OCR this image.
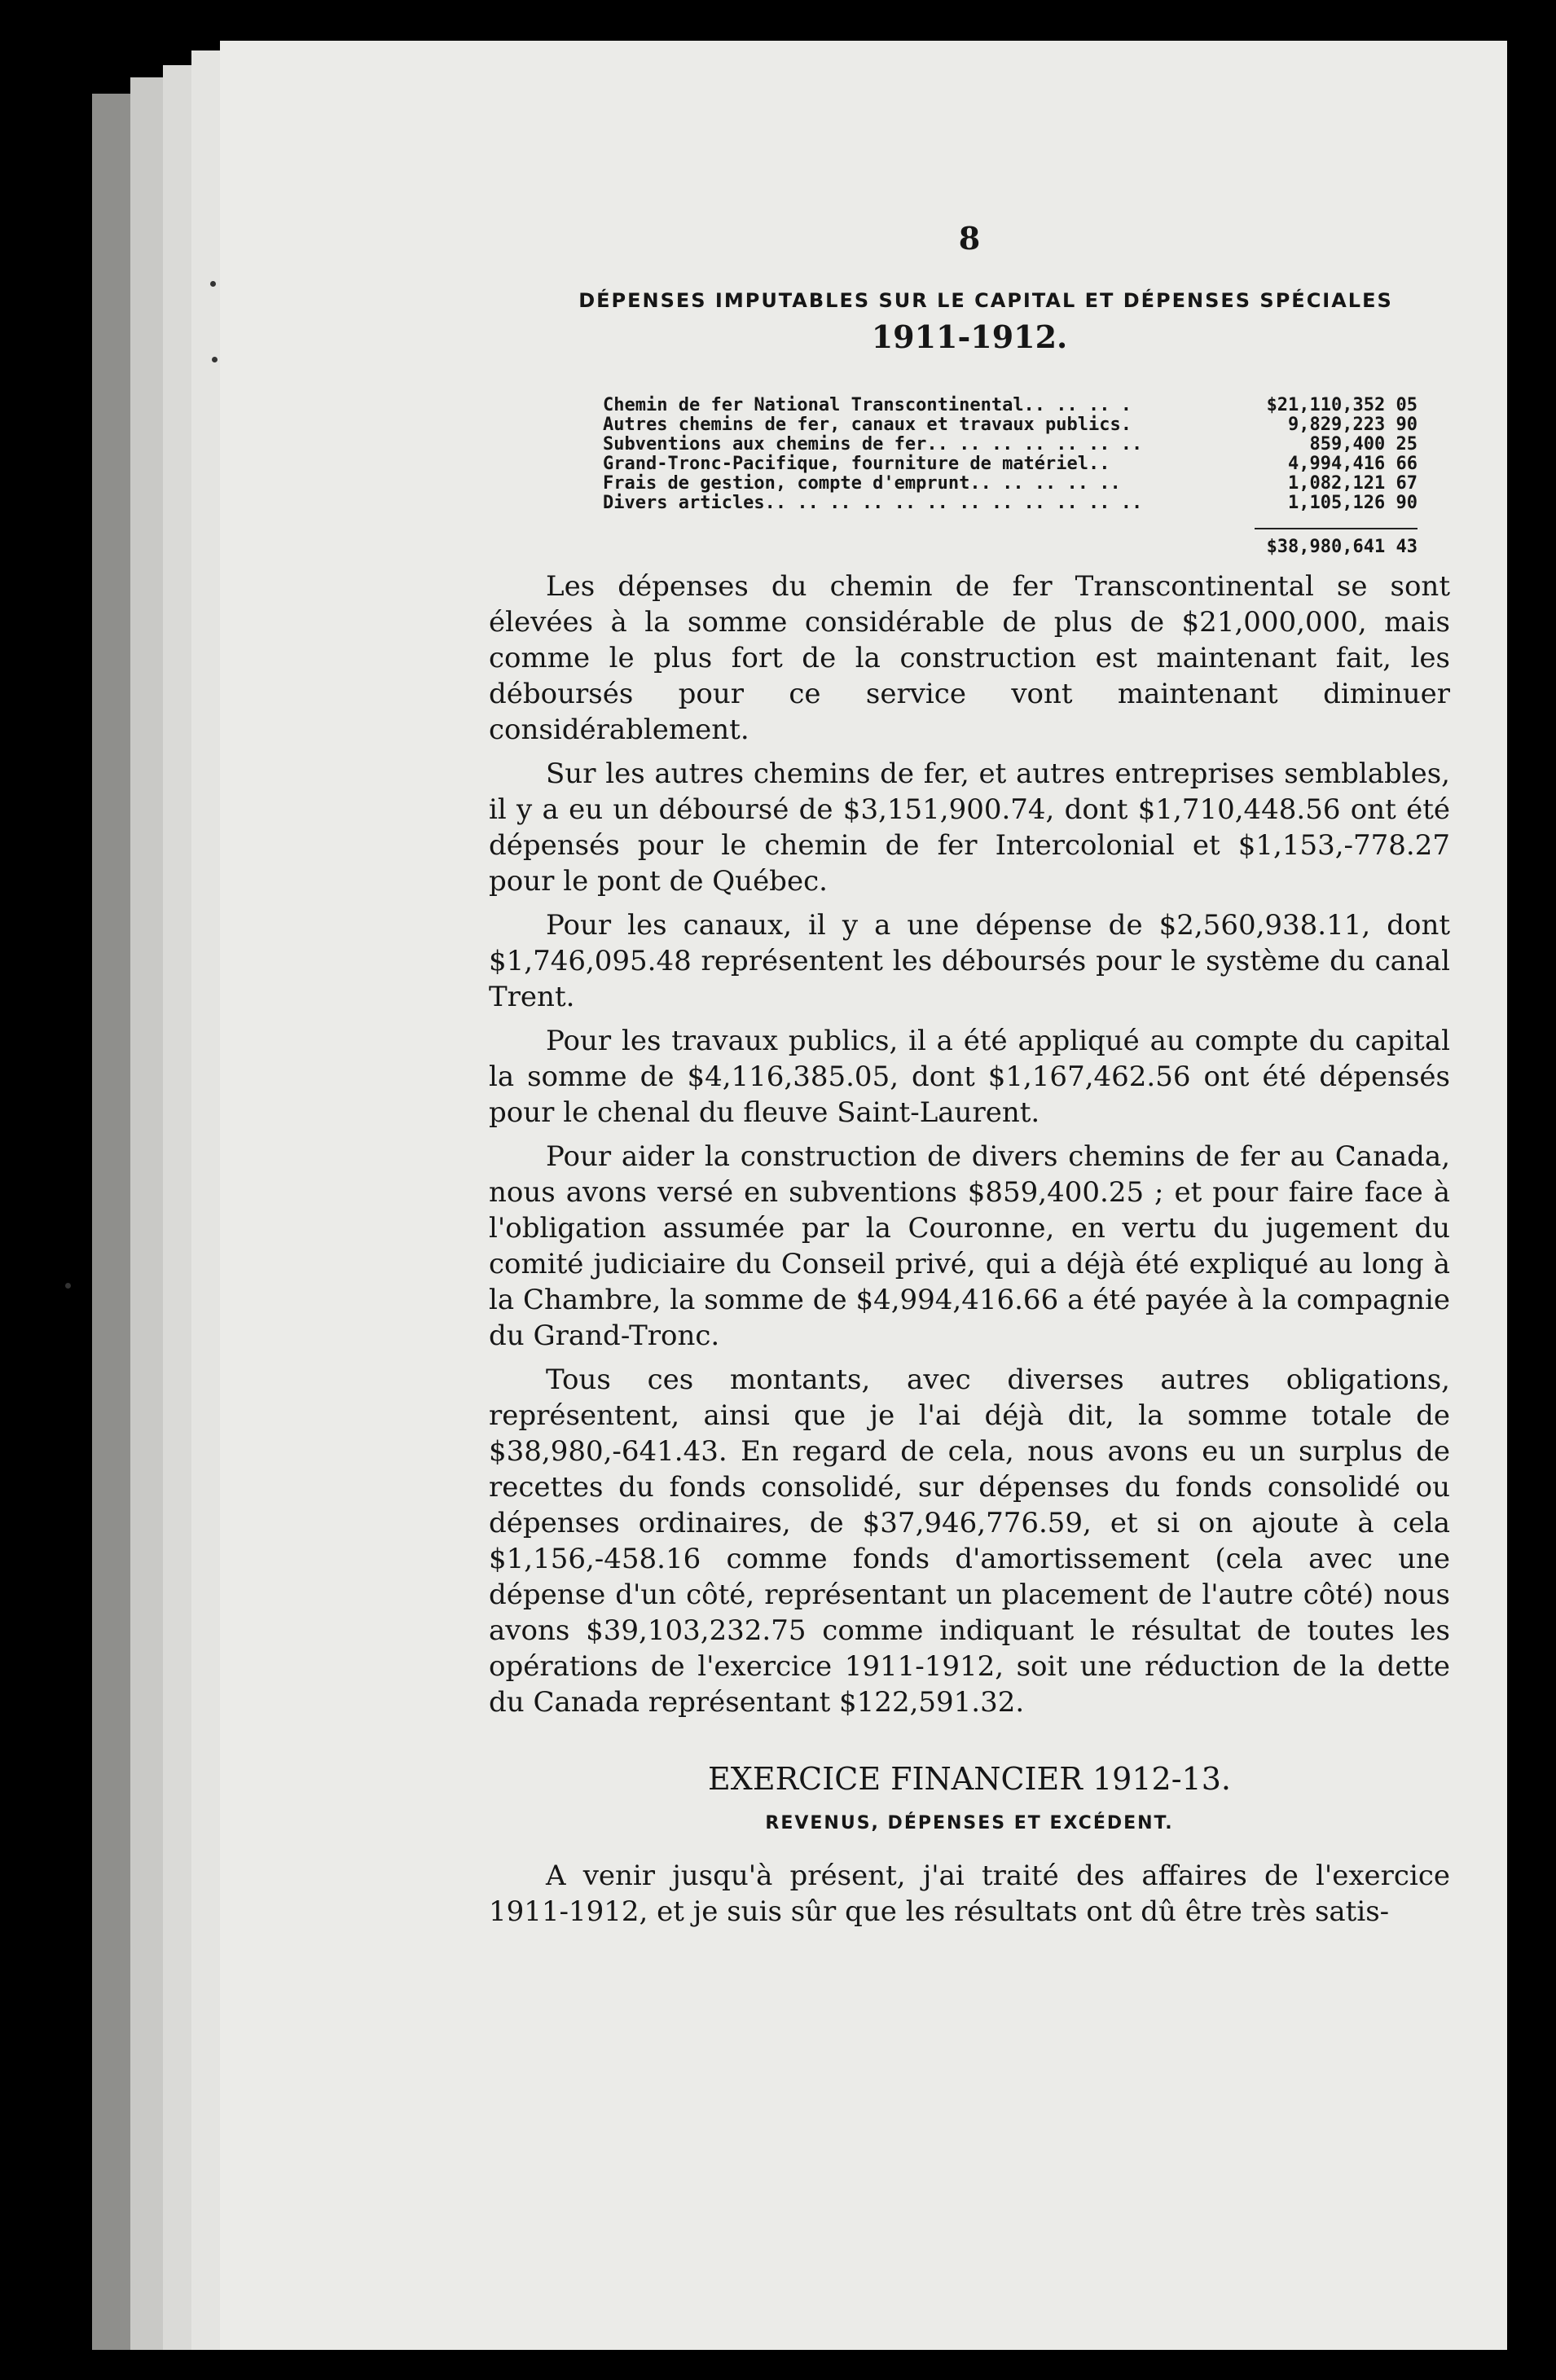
8
DÉPENSES IMPUTABLES SUR LE CAPITAL ET DÉPENSES SPÉCIALES
1911-1912.
Chemin de fer National Transcontinental.. .. .. .	$21,110,352 05
Autres chemins de fer, canaux et travaux publics.	9,829,223 90
Subventions aux chemins de fer.. .. .. .. .. .. ..	859,400 25
Grand-Tronc-Pacifique, fourniture de matériel..	4,994,416 66
Frais de gestion, compte d'emprunt.. .. .. .. ..	1,082,121 67
Divers articles.. .. .. .. .. .. .. .. .. .. .. ..	1,105,126 90
$38,980,641 43

Les dépenses du chemin de fer Transcontinental se sont élevées à la somme considérable de plus de $21,000,000, mais comme le plus fort de la construction est maintenant fait, les déboursés pour ce service vont maintenant diminuer considérablement.

Sur les autres chemins de fer, et autres entreprises semblables, il y a eu un déboursé de $3,151,900.74, dont $1,710,448.56 ont été dépensés pour le chemin de fer Intercolonial et $1,153,-778.27 pour le pont de Québec.

Pour les canaux, il y a une dépense de $2,560,938.11, dont $1,746,095.48 représentent les déboursés pour le système du canal Trent.

Pour les travaux publics, il a été appliqué au compte du capital la somme de $4,116,385.05, dont $1,167,462.56 ont été dépensés pour le chenal du fleuve Saint-Laurent.

Pour aider la construction de divers chemins de fer au Canada, nous avons versé en subventions $859,400.25 ; et pour faire face à l'obligation assumée par la Couronne, en vertu du jugement du comité judiciaire du Conseil privé, qui a déjà été expliqué au long à la Chambre, la somme de $4,994,416.66 a été payée à la compagnie du Grand-Tronc.

Tous ces montants, avec diverses autres obligations, représentent, ainsi que je l'ai déjà dit, la somme totale de $38,980,-641.43. En regard de cela, nous avons eu un surplus de recettes du fonds consolidé, sur dépenses du fonds consolidé ou dépenses ordinaires, de $37,946,776.59, et si on ajoute à cela $1,156,-458.16 comme fonds d'amortissement (cela avec une dépense d'un côté, représentant un placement de l'autre côté) nous avons $39,103,232.75 comme indiquant le résultat de toutes les opérations de l'exercice 1911-1912, soit une réduction de la dette du Canada représentant $122,591.32.

EXERCICE FINANCIER 1912-13.
REVENUS, DÉPENSES ET EXCÉDENT.

A venir jusqu'à présent, j'ai traité des affaires de l'exercice 1911-1912, et je suis sûr que les résultats ont dû être très satis-
